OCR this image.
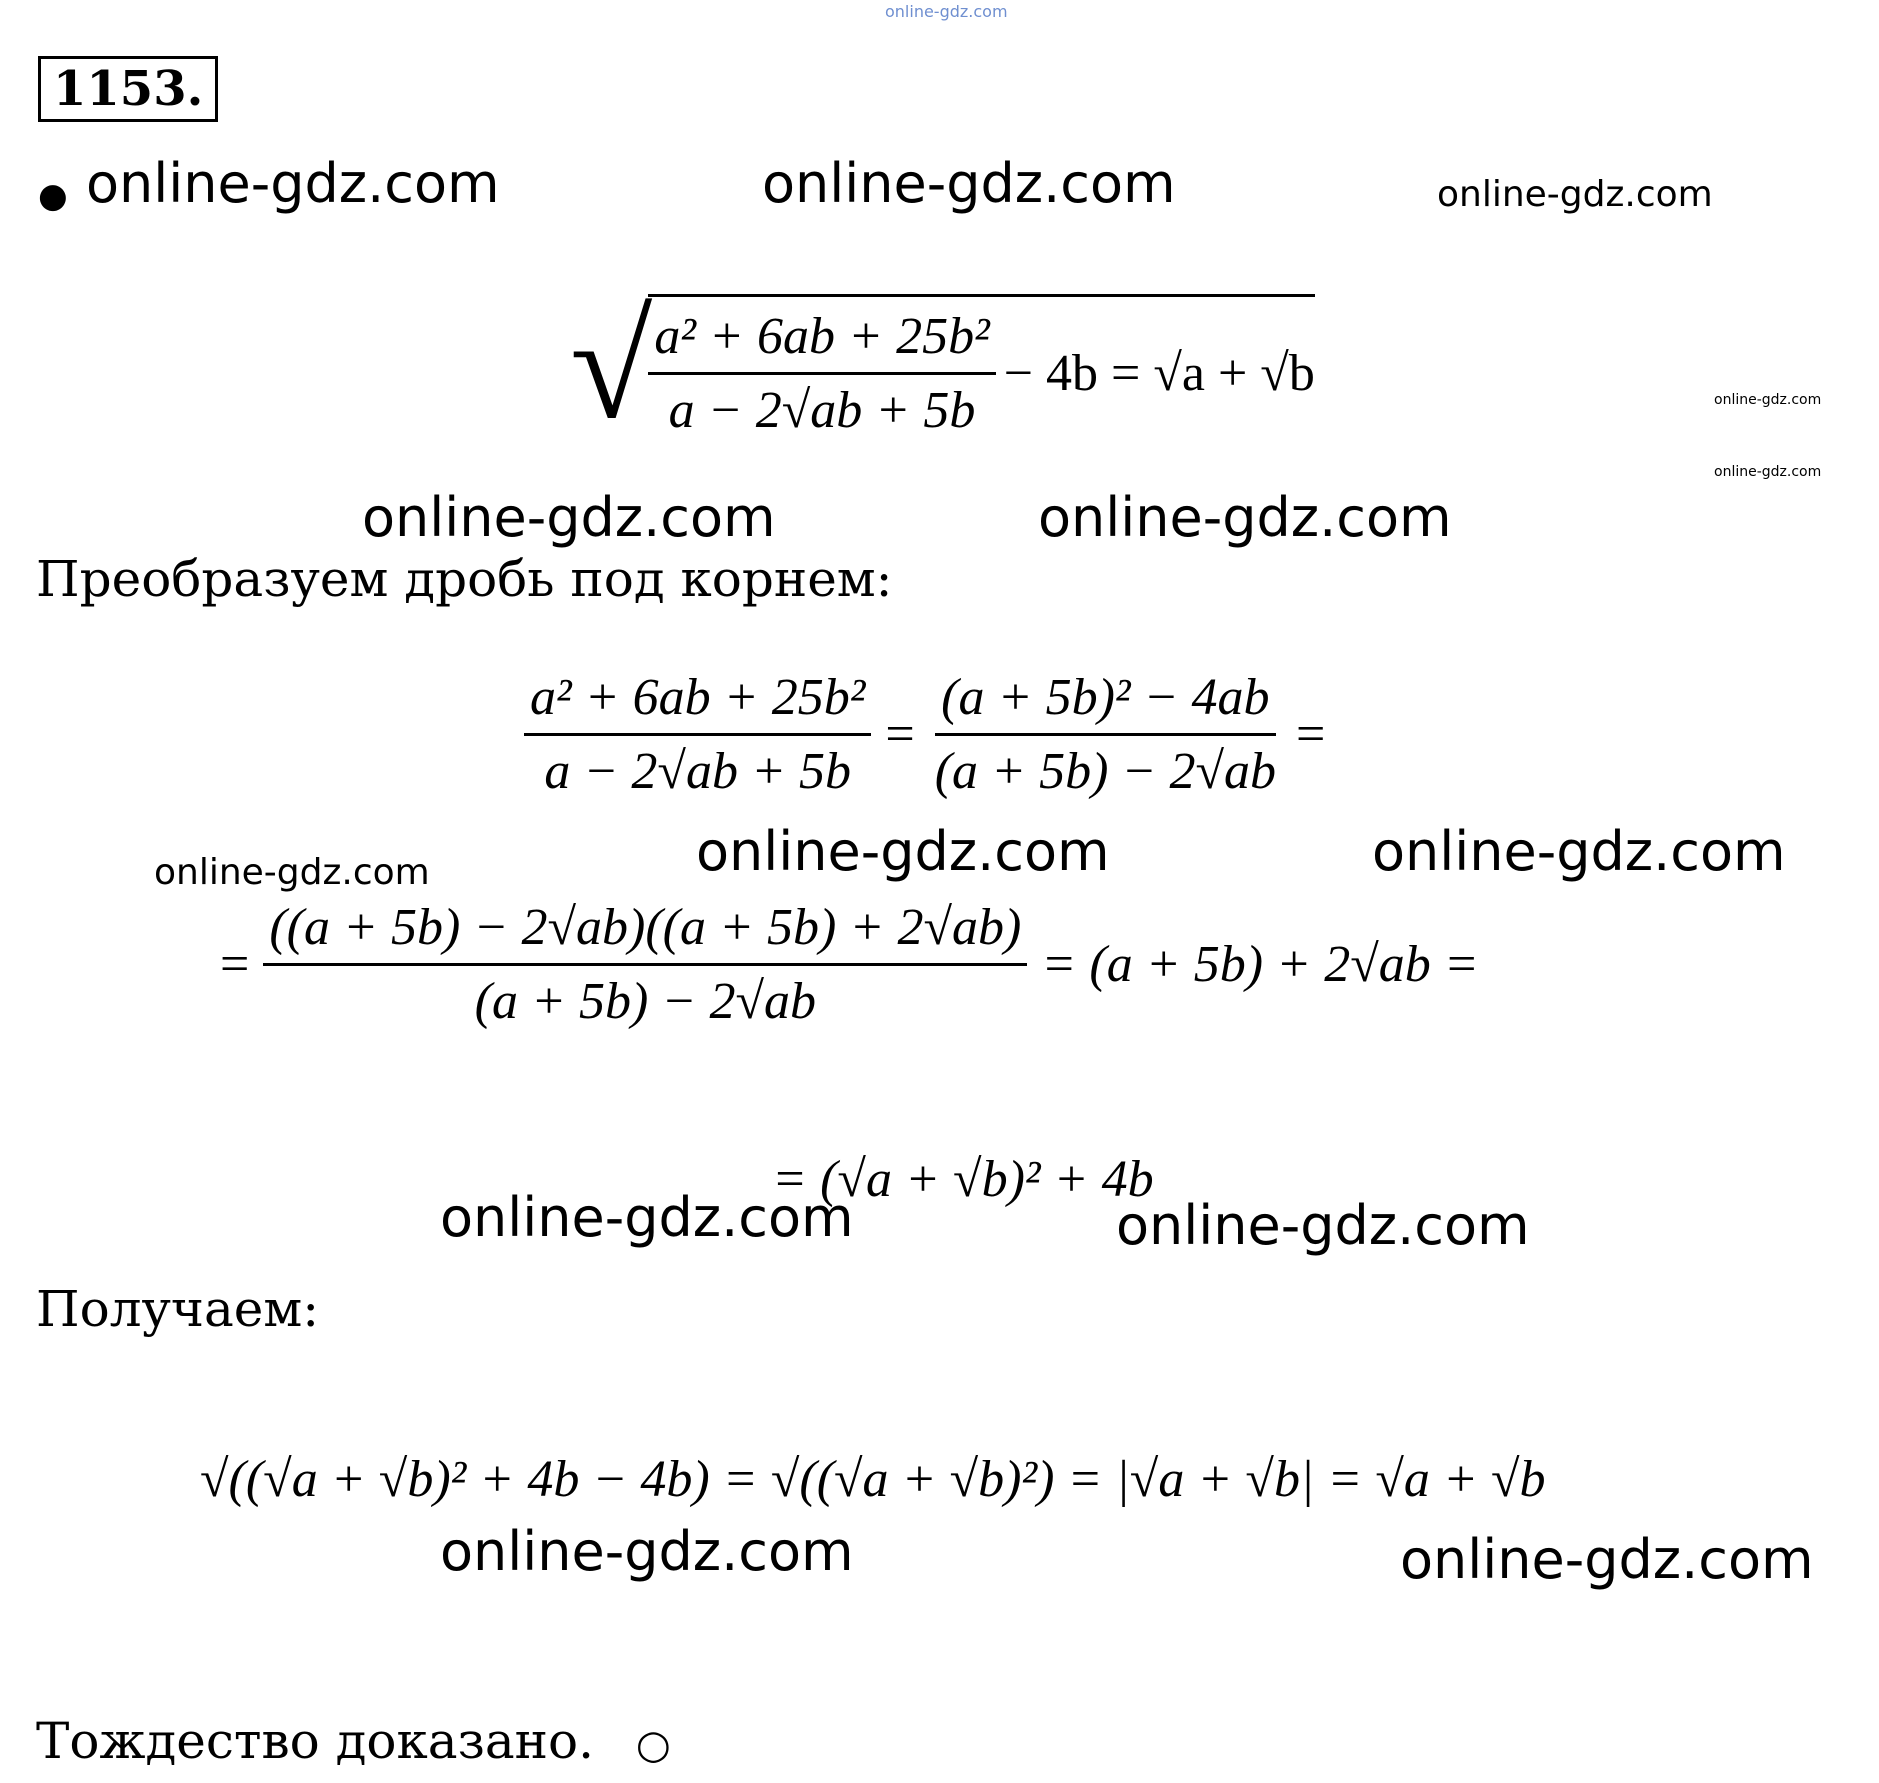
online-gdz.com
1153.
● online-gdz.com	online-gdz.com	online-gdz.com
√
$\frac{\text{a² + 6ab + 25b²}}{a - 2√ab + 5b} - 4b = √a + √b$	online-gdz.com
online-gdz.com
online-gdz.com	online-gdz.com
Преобразуем дробь под корнем:
$\frac{\text{a² + 6ab + 25b²}}{a - 2√ab + 5b} = \frac{\text{(a + 5b)² − 4ab}}{(a + 5b) - 2√ab}$ =
online-gdz.com	online-gdz.com	online-gdz.com
= $\frac{((a + 5b) - 2√ab)((a + 5b) + 2√ab)}{(a + 5b) - 2√ab} = (a + 5b) + 2√ab$ =
= (√a + √b)² + 4b
online-gdz.com	online-gdz.com
Получаем:
√((√a + √b)² + 4b − 4b) = √((√a + √b)²) = |√a + √b| = √a + √b
online-gdz.com	online-gdz.com
Тождество доказано. ○
